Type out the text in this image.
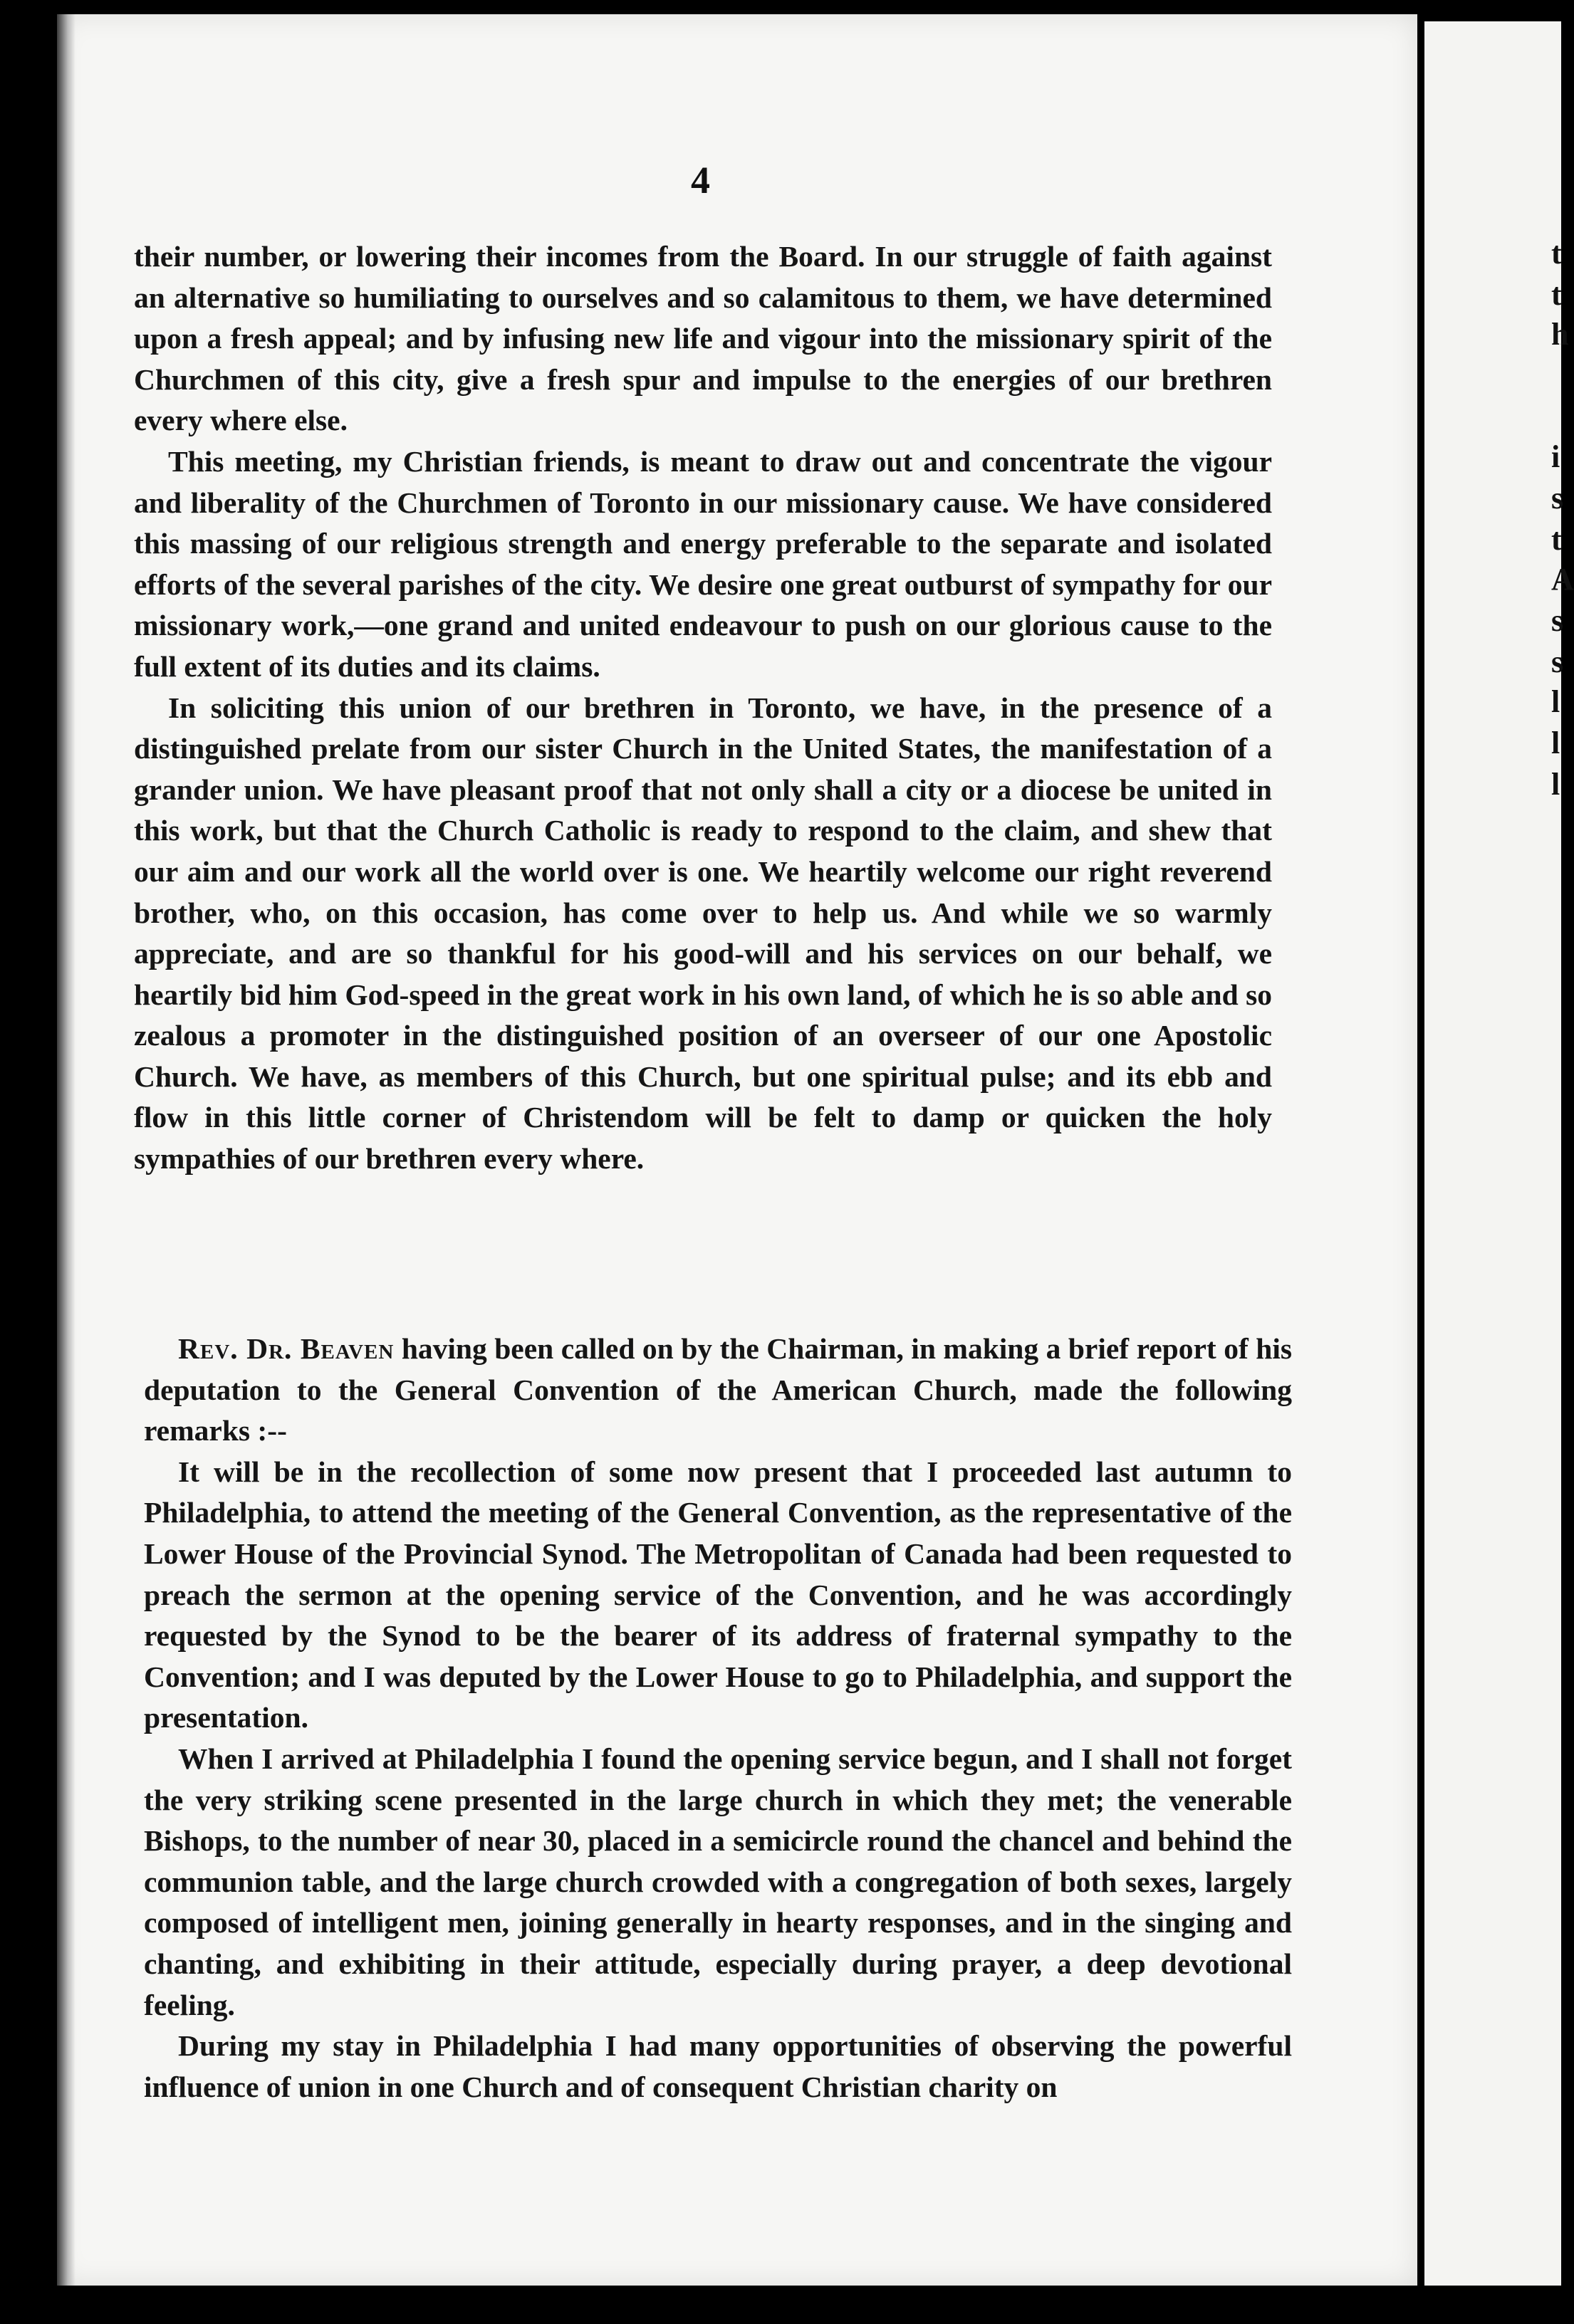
t
t
h
i
s
t
A
s
s
l
l
l
4

their number, or lowering their incomes from the Board. In our struggle of faith against an alternative so humiliating to ourselves and so calamitous to them, we have determined upon a fresh appeal; and by infusing new life and vigour into the missionary spirit of the Churchmen of this city, give a fresh spur and impulse to the energies of our brethren every where else.

This meeting, my Christian friends, is meant to draw out and concentrate the vigour and liberality of the Churchmen of Toronto in our missionary cause. We have considered this massing of our religious strength and energy preferable to the separate and isolated efforts of the several parishes of the city. We desire one great outburst of sympathy for our missionary work,—one grand and united endeavour to push on our glorious cause to the full extent of its duties and its claims.

In soliciting this union of our brethren in Toronto, we have, in the presence of a distinguished prelate from our sister Church in the United States, the manifestation of a grander union. We have pleasant proof that not only shall a city or a diocese be united in this work, but that the Church Catholic is ready to respond to the claim, and shew that our aim and our work all the world over is one. We heartily welcome our right reverend brother, who, on this occasion, has come over to help us. And while we so warmly appreciate, and are so thankful for his good-will and his services on our behalf, we heartily bid him God-speed in the great work in his own land, of which he is so able and so zealous a promoter in the distinguished position of an overseer of our one Apostolic Church. We have, as members of this Church, but one spiritual pulse; and its ebb and flow in this little corner of Christendom will be felt to damp or quicken the holy sympathies of our brethren every where.

Rev. Dr. Beaven having been called on by the Chairman, in making a brief report of his deputation to the General Convention of the American Church, made the following remarks :--

It will be in the recollection of some now present that I proceeded last autumn to Philadelphia, to attend the meeting of the General Convention, as the representative of the Lower House of the Provincial Synod. The Metropolitan of Canada had been requested to preach the sermon at the opening service of the Convention, and he was accordingly requested by the Synod to be the bearer of its address of fraternal sympathy to the Convention; and I was deputed by the Lower House to go to Philadelphia, and support the presentation.

When I arrived at Philadelphia I found the opening service begun, and I shall not forget the very striking scene presented in the large church in which they met; the venerable Bishops, to the number of near 30, placed in a semicircle round the chancel and behind the communion table, and the large church crowded with a congregation of both sexes, largely composed of intelligent men, joining generally in hearty responses, and in the singing and chanting, and exhibiting in their attitude, especially during prayer, a deep devotional feeling.

During my stay in Philadelphia I had many opportunities of observing the powerful influence of union in one Church and of consequent Christian charity on
